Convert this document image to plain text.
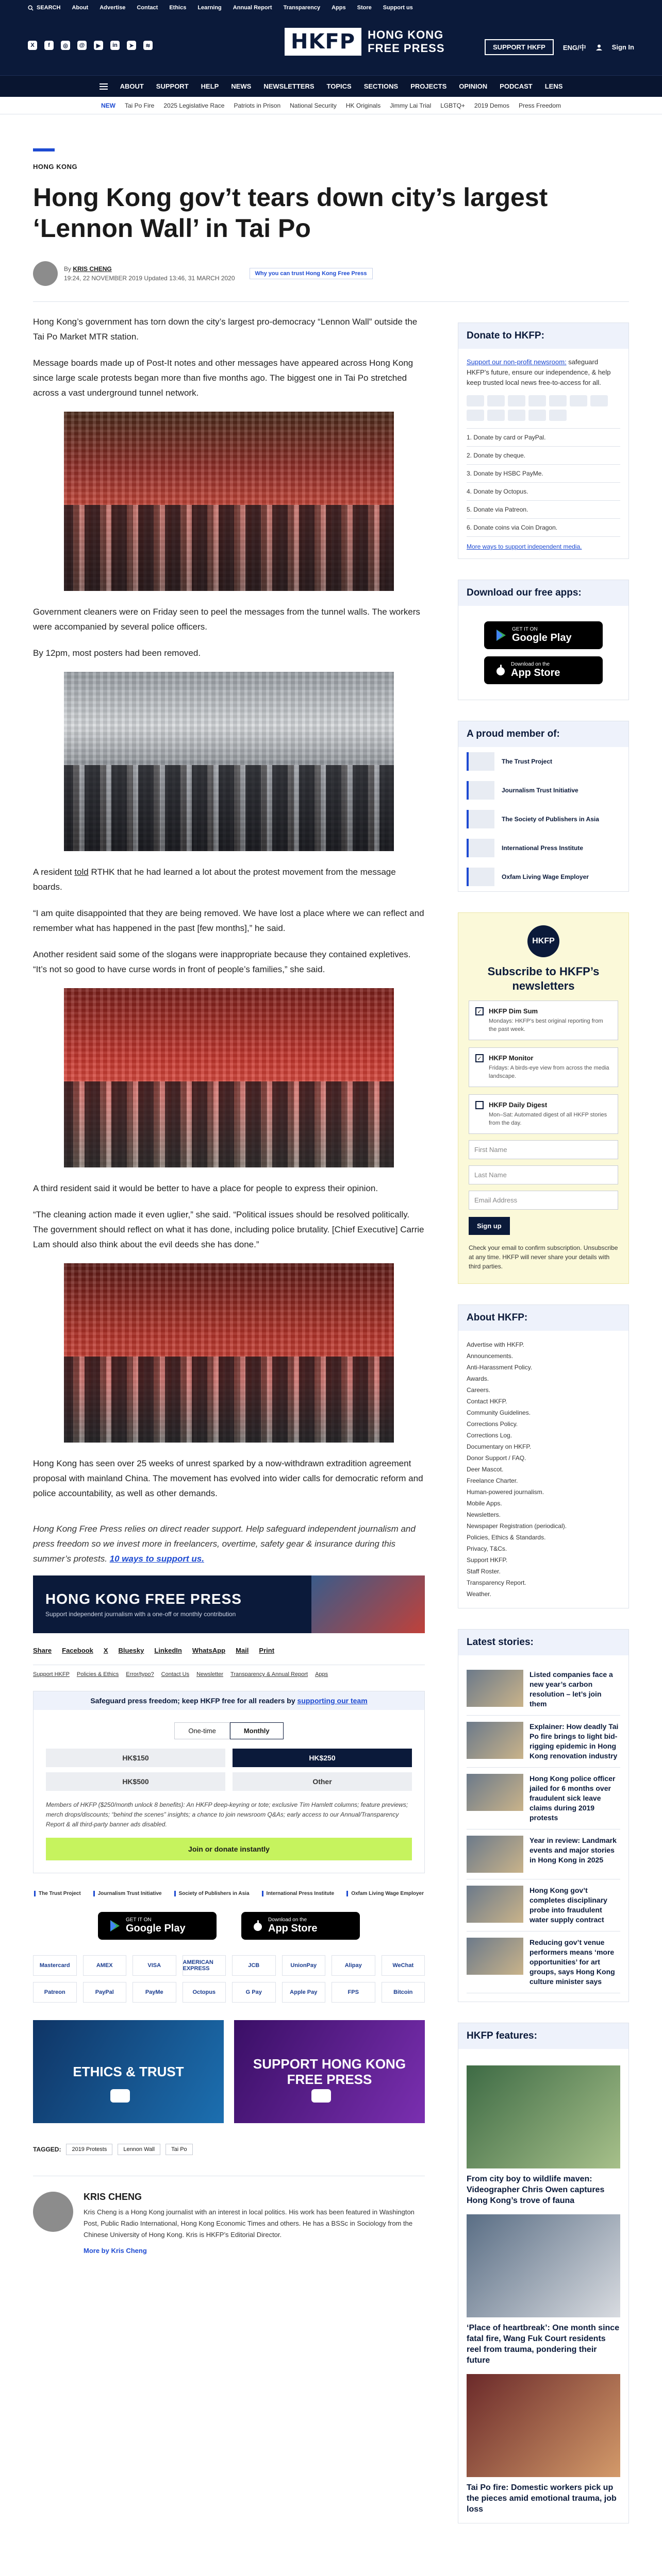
SEARCH About Advertise Contact Ethics Learning Annual Report Transparency Apps Store Support us
X	f	◎	@	▶	in	➤	≋	HKFP	HONG KONG
FREE PRESS	SUPPORT HKFP	ENG/中	Sign In
ABOUT SUPPORT HELP NEWS NEWSLETTERS TOPICS SECTIONS PROJECTS OPINION PODCAST LENS
NEW Tai Po Fire 2025 Legislative Race Patriots in Prison National Security HK Originals Jimmy Lai Trial LGBTQ+ 2019 Demos Press Freedom
HONG KONG
Hong Kong gov’t tears down city’s largest ‘Lennon Wall’ in Tai Po
By KRIS CHENG
19:24, 22 NOVEMBER 2019 Updated 13:46, 31 MARCH 2020
Why you can trust Hong Kong Free Press

Hong Kong’s government has torn down the city’s largest pro-democracy “Lennon Wall” outside the Tai Po Market MTR station.

Message boards made up of Post-It notes and other messages have appeared across Hong Kong since large scale protests began more than five months ago. The biggest one in Tai Po stretched across a vast underground tunnel network.

Government cleaners were on Friday seen to peel the messages from the tunnel walls. The workers were accompanied by several police officers.

By 12pm, most posters had been removed.

A resident told RTHK that he had learned a lot about the protest movement from the message boards.

“I am quite disappointed that they are being removed. We have lost a place where we can reflect and remember what has happened in the past [few months],” he said.

Another resident said some of the slogans were inappropriate because they contained expletives. “It’s not so good to have curse words in front of people’s families,” she said.

A third resident said it would be better to have a place for people to express their opinion.

“The cleaning action made it even uglier,” she said. “Political issues should be resolved politically. The government should reflect on what it has done, including police brutality. [Chief Executive] Carrie Lam should also think about the evil deeds she has done.”

Hong Kong has seen over 25 weeks of unrest sparked by a now-withdrawn extradition agreement proposal with mainland China. The movement has evolved into wider calls for democratic reform and police accountability, as well as other demands.

Hong Kong Free Press relies on direct reader support. Help safeguard independent journalism and press freedom so we invest more in freelancers, overtime, safety gear & insurance during this summer’s protests. 10 ways to support us.

HONG KONG FREE PRESS
Support independent journalism with a one-off or monthly contribution
Share Facebook X Bluesky LinkedIn WhatsApp Mail Print
Support HKFP Policies & Ethics Error/typo? Contact Us Newsletter Transparency & Annual Report Apps
Safeguard press freedom; keep HKFP free for all readers by supporting our team
One-time	Monthly
HK$150	HK$250
HK$500	Other
Members of HKFP ($250/month unlock 8 benefits): An HKFP deep-keyring or tote; exclusive Tim Hamlett columns; feature previews; merch drops/discounts; “behind the scenes” insights; a chance to join newsroom Q&As; early access to our Annual/Transparency Report & all third-party banner ads disabled.
Join or donate instantly
The Trust Project	Journalism Trust Initiative	Society of Publishers in Asia	International Press Institute	Oxfam Living Wage Employer
GET IT ON
Google Play
Download on the
App Store
Mastercard	AMEX	VISA	AMERICAN EXPRESS	JCB	UnionPay	Alipay	WeChat
Patreon	PayPal	PayMe	Octopus	G Pay	Apple Pay	FPS	Bitcoin
ETHICS & TRUST	SUPPORT HONG KONG FREE PRESS
TAGGED:	2019 Protests	Lennon Wall	Tai Po
KRIS CHENG
Kris Cheng is a Hong Kong journalist with an interest in local politics. His work has been featured in Washington Post, Public Radio International, Hong Kong Economic Times and others. He has a BSSc in Sociology from the Chinese University of Hong Kong. Kris is HKFP’s Editorial Director.
More by Kris Cheng
Donate to HKFP:

Support our non-profit newsroom: safeguard HKFP’s future, ensure our independence, & help keep trusted local news free-to-access for all.

1. Donate by card or PayPal.
2. Donate by cheque.
3. Donate by HSBC PayMe.
4. Donate by Octopus.
5. Donate via Patreon.
6. Donate coins via Coin Dragon.
More ways to support independent media.
Download our free apps:
GET IT ON
Google Play
Download on the
App Store
A proud member of:
The Trust Project
Journalism Trust Initiative
The Society of Publishers in Asia
International Press Institute
Oxfam Living Wage Employer
HKFP
Subscribe to HKFP’s newsletters
✓ HKFP Dim Sum
Mondays: HKFP’s best original reporting from the past week.
✓ HKFP Monitor
Fridays: A birds-eye view from across the media landscape.
HKFP Daily Digest
Mon–Sat: Automated digest of all HKFP stories from the day.
First Name
Last Name
Email Address
Sign up

Check your email to confirm subscription. Unsubscribe at any time. HKFP will never share your details with third parties.

About HKFP:
Advertise with HKFP.
Announcements.
Anti-Harassment Policy.
Awards.
Careers.
Contact HKFP.
Community Guidelines.
Corrections Policy.
Corrections Log.
Documentary on HKFP.
Donor Support / FAQ.
Deer Mascot.
Freelance Charter.
Human-powered journalism.
Mobile Apps.
Newsletters.
Newspaper Registration (periodical).
Policies, Ethics & Standards.
Privacy, T&Cs.
Support HKFP.
Staff Roster.
Transparency Report.
Weather.
Latest stories:
Listed companies face a new year’s carbon resolution – let’s join them
Explainer: How deadly Tai Po fire brings to light bid-rigging epidemic in Hong Kong renovation industry
Hong Kong police officer jailed for 6 months over fraudulent sick leave claims during 2019 protests
Year in review: Landmark events and major stories in Hong Kong in 2025
Hong Kong gov’t completes disciplinary probe into fraudulent water supply contract
Reducing gov’t venue performers means ‘more opportunities’ for art groups, says Hong Kong culture minister says
HKFP features:
From city boy to wildlife maven: Videographer Chris Owen captures Hong Kong’s trove of fauna
‘Place of heartbreak’: One month since fatal fire, Wang Fuk Court residents reel from trauma, pondering their future
Tai Po fire: Domestic workers pick up the pieces amid emotional trauma, job loss
